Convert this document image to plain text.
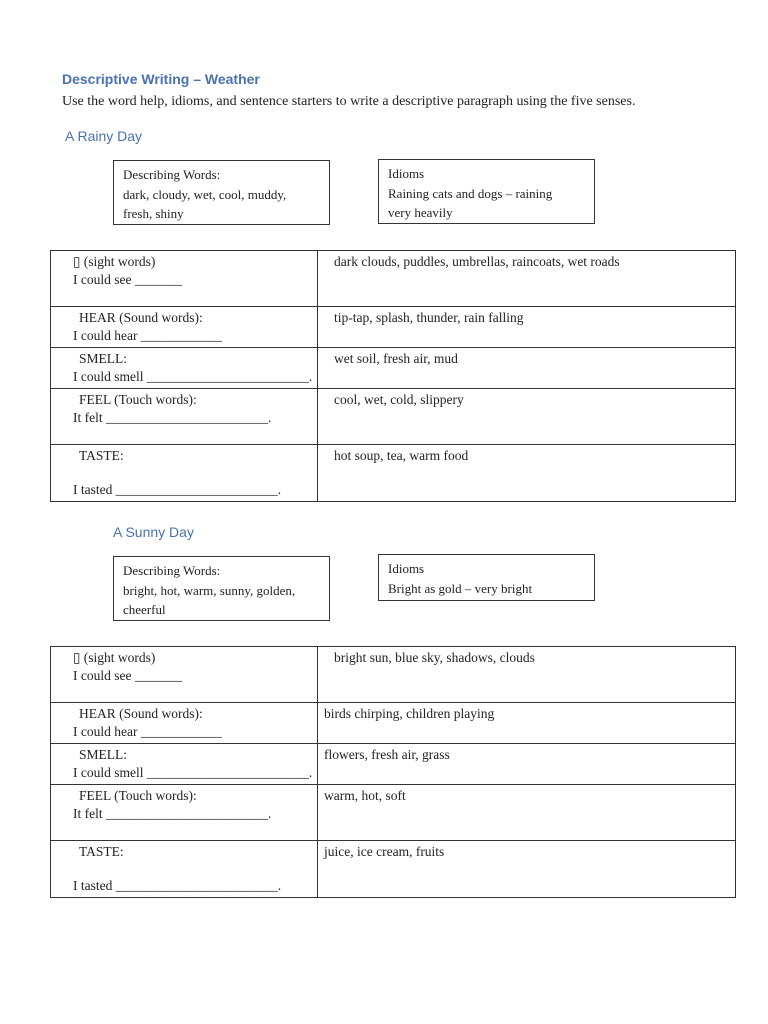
Descriptive Writing – Weather
Use the word help, idioms, and sentence starters to write a descriptive paragraph using the five senses.
A Rainy Day
Describing Words:
dark, cloudy, wet, cool, muddy,
fresh, shiny
Idioms
Raining cats and dogs – raining
very heavily
▯ (sight words)
I could see _______	dark clouds, puddles, umbrellas, raincoats, wet roads

HEAR (Sound words):
I could hear ____________	tip-tap, splash, thunder, rain falling

SMELL:
I could smell ________________________.	wet soil, fresh air, mud

FEEL (Touch words):
It felt ________________________.	cool, wet, cold, slippery

TASTE:
I tasted ________________________.	hot soup, tea, warm food
A Sunny Day
Describing Words:
bright, hot, warm, sunny, golden,
cheerful
Idioms
Bright as gold – very bright
▯ (sight words)
I could see _______	bright sun, blue sky, shadows, clouds

HEAR (Sound words):
I could hear ____________	birds chirping, children playing

SMELL:
I could smell ________________________.	flowers, fresh air, grass

FEEL (Touch words):
It felt ________________________.	warm, hot, soft

TASTE:
I tasted ________________________.	juice, ice cream, fruits
